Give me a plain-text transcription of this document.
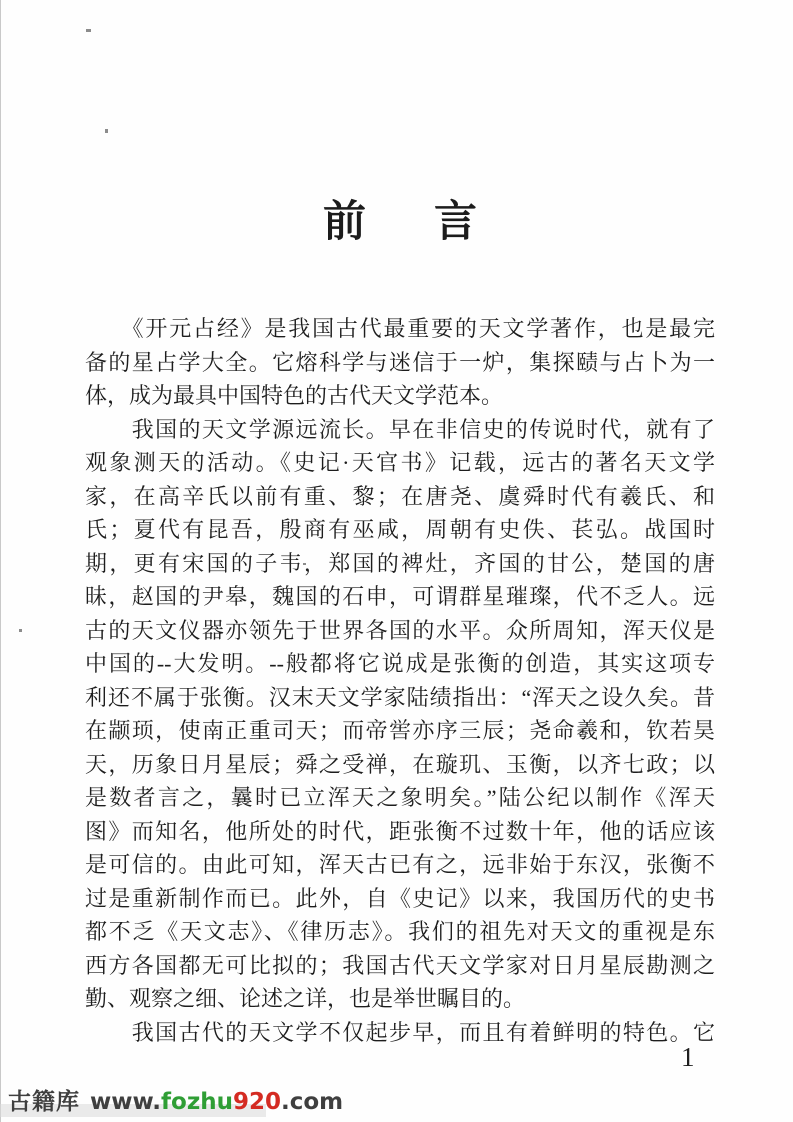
前 言
　　《开元占经》是我国古代最重要的天文学著作，也是最完
备的星占学大全。它熔科学与迷信于一炉，集探赜与占卜为一
体，成为最具中国特色的古代天文学范本。
　　我国的天文学源远流长。早在非信史的传说时代，就有了
观象测天的活动。《史记·天官书》记载，远古的著名天文学
家，在高辛氏以前有重、黎；在唐尧、虞舜时代有羲氏、和
氏；夏代有昆吾，殷商有巫咸，周朝有史佚、苌弘。战国时
期，更有宋国的子韦，郑国的裨灶，齐国的甘公，楚国的唐
昧，赵国的尹皋，魏国的石申，可谓群星璀璨，代不乏人。远
古的天文仪器亦领先于世界各国的水平。众所周知，浑天仪是
中国的--大发明。--般都将它说成是张衡的创造，其实这项专
利还不属于张衡。汉末天文学家陆绩指出：“浑天之设久矣。昔
在颛顼，使南正重司天；而帝喾亦序三辰；尧命羲和，钦若昊
天，历象日月星辰；舜之受禅，在璇玑、玉衡，以齐七政；以
是数者言之，曩时已立浑天之象明矣。”陆公纪以制作《浑天
图》而知名，他所处的时代，距张衡不过数十年，他的话应该
是可信的。由此可知，浑天古已有之，远非始于东汉，张衡不
过是重新制作而已。此外，自《史记》以来，我国历代的史书
都不乏《天文志》、《律历志》。我们的祖先对天文的重视是东
西方各国都无可比拟的；我国古代天文学家对日月星辰勘测之
勤、观察之细、论述之详，也是举世瞩目的。
　　我国古代的天文学不仅起步早，而且有着鲜明的特色。它
1
古籍库 www.fozhu920.com
